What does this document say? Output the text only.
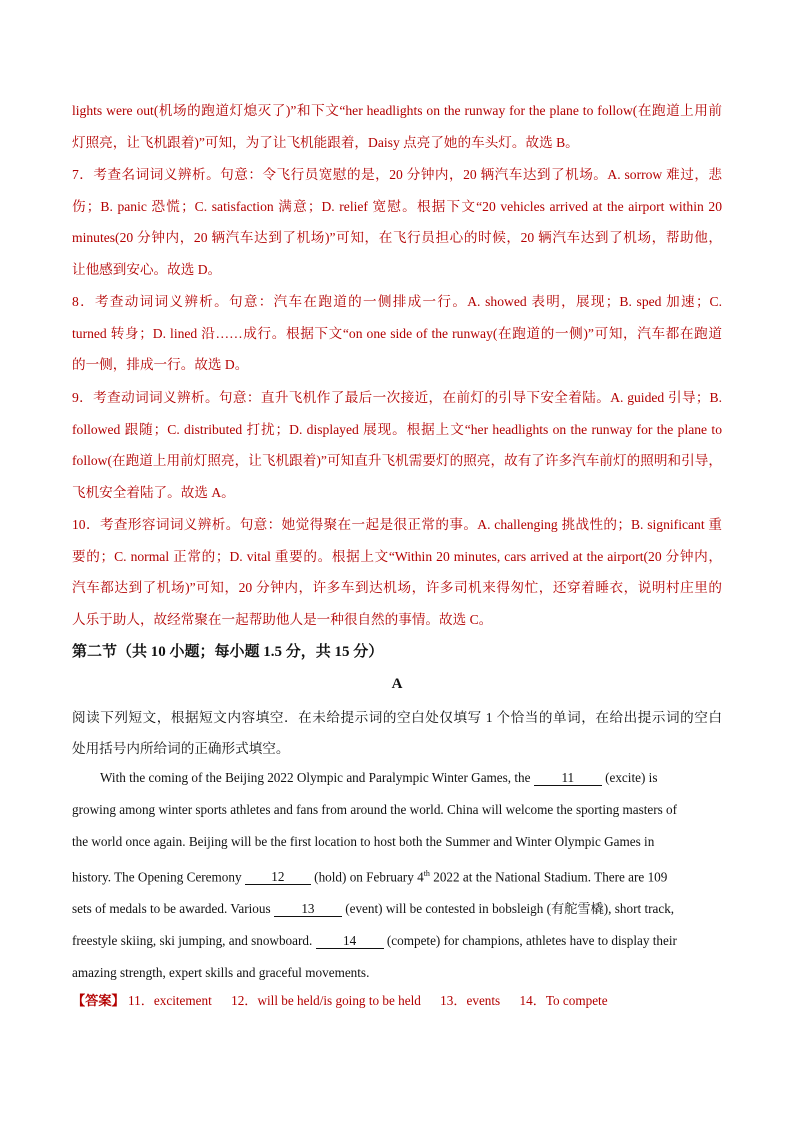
lights were out(机场的跑道灯熄灭了)”和下文“her headlights on the runway for the plane to follow(在跑道上用前
灯照亮，让飞机跟着)”可知，为了让飞机能跟着，Daisy 点亮了她的车头灯。故选 B。
7．考查名词词义辨析。句意：令飞行员宽慰的是，20 分钟内，20 辆汽车达到了机场。A. sorrow 难过，悲
伤；B. panic 恐慌；C. satisfaction 满意；D. relief 宽慰。根据下文“20 vehicles arrived at the airport within 20
minutes(20 分钟内，20 辆汽车达到了机场)”可知，在飞行员担心的时候，20 辆汽车达到了机场，帮助他，
让他感到安心。故选 D。
8．考查动词词义辨析。句意：汽车在跑道的一侧排成一行。A. showed 表明，展现；B. sped 加速；C.
turned 转身；D. lined 沿……成行。根据下文“on one side of the runway(在跑道的一侧)”可知，汽车都在跑道
的一侧，排成一行。故选 D。
9．考查动词词义辨析。句意：直升飞机作了最后一次接近，在前灯的引导下安全着陆。A. guided 引导；B.
followed 跟随；C. distributed 打扰；D. displayed 展现。根据上文“her headlights on the runway for the plane to
follow(在跑道上用前灯照亮，让飞机跟着)”可知直升飞机需要灯的照亮，故有了许多汽车前灯的照明和引导，
飞机安全着陆了。故选 A。
10．考查形容词词义辨析。句意：她觉得聚在一起是很正常的事。A. challenging 挑战性的；B. significant 重
要的；C. normal 正常的；D. vital 重要的。根据上文“Within 20 minutes, cars arrived at the airport(20 分钟内，
汽车都达到了机场)”可知，20 分钟内，许多车到达机场，许多司机来得匆忙，还穿着睡衣，说明村庄里的
人乐于助人，故经常聚在一起帮助他人是一种很自然的事情。故选 C。
第二节（共 10 小题；每小题 1.5 分，共 15 分）
A
阅读下列短文，根据短文内容填空．在未给提示词的空白处仅填写 1 个恰当的单词，在给出提示词的空白
处用括号内所给词的正确形式填空。
With the coming of the Beijing 2022 Olympic and Paralympic Winter Games, the 11 (excite) is
growing among winter sports athletes and fans from around the world. China will welcome the sporting masters of
the world once again. Beijing will be the first location to host both the Summer and Winter Olympic Games in
history. The Opening Ceremony 12 (hold) on February 4th 2022 at the National Stadium. There are 109
sets of medals to be awarded. Various 13 (event) will be contested in bobsleigh (有舵雪橇), short track,
freestyle skiing, ski jumping, and snowboard. 14 (compete) for champions, athletes have to display their
amazing strength, expert skills and graceful movements.
【答案】 11．excitement 12．will be held/is going to be held 13．events 14．To compete
